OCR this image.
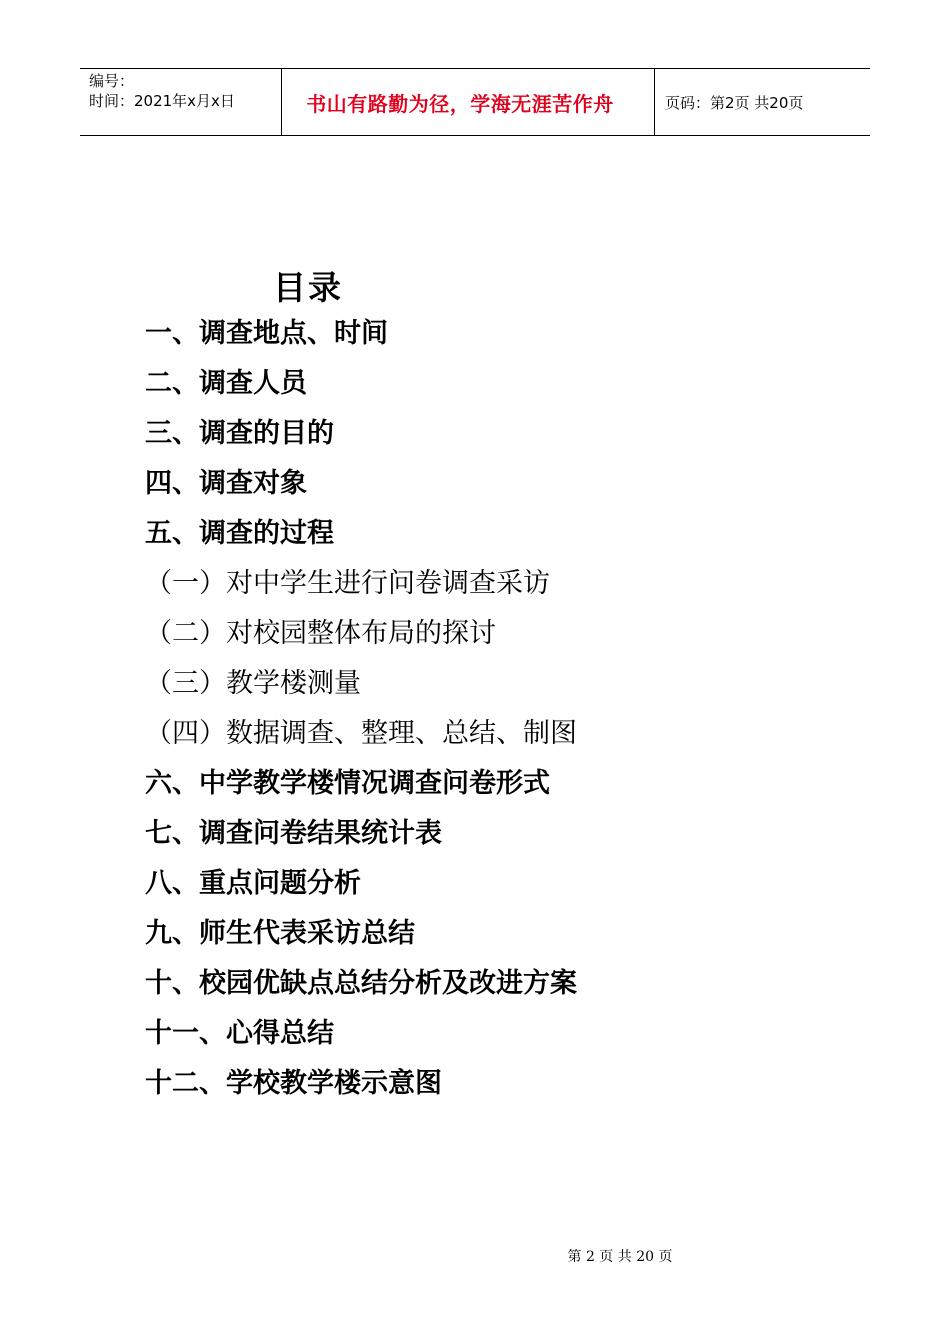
编号：
时间：2021年x月x日	书山有路勤为径，学海无涯苦作舟	页码：第2页 共20页
目录
一、调查地点、时间
二、调查人员
三、调查的目的
四、调查对象
五、调查的过程
（一）对中学生进行问卷调查采访
（二）对校园整体布局的探讨
（三）教学楼测量
（四）数据调查、整理、总结、制图
六、中学教学楼情况调查问卷形式
七、调查问卷结果统计表
八、重点问题分析
九、师生代表采访总结
十、校园优缺点总结分析及改进方案
十一、心得总结
十二、学校教学楼示意图
第 2 页 共 20 页
